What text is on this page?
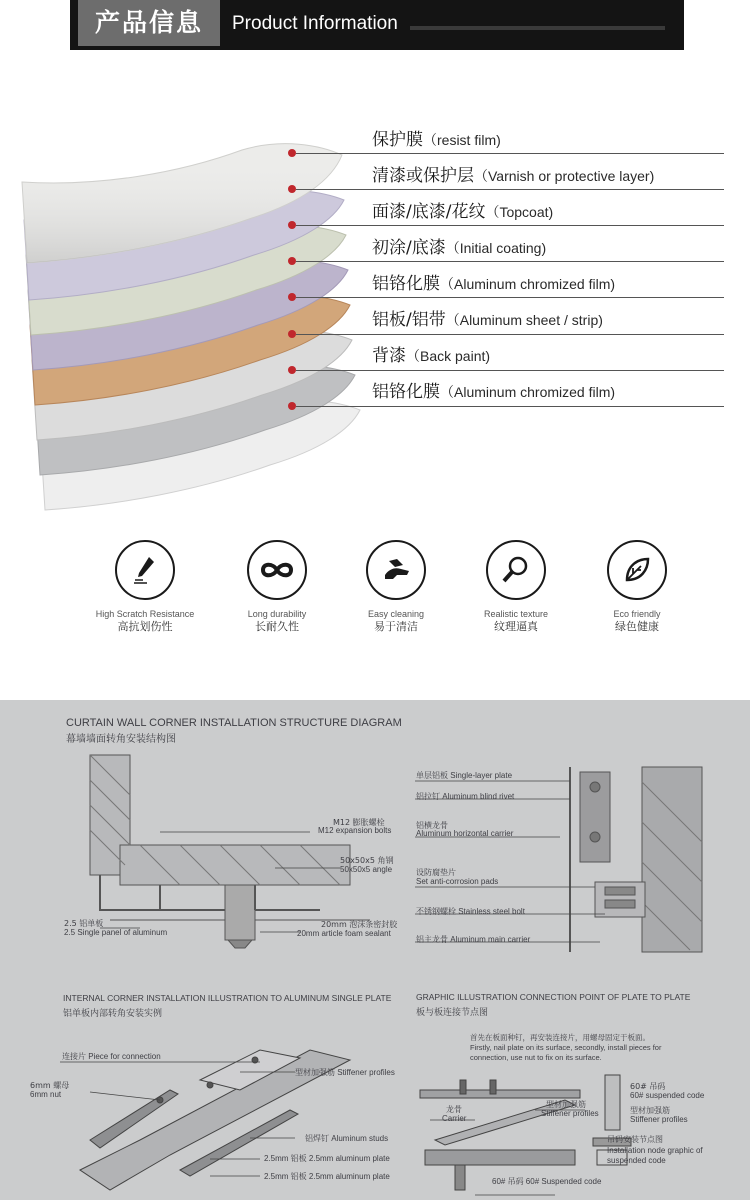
产品信息	Product Information
保护膜（resist film)
清漆或保护层（Varnish or protective layer)
面漆/底漆/花纹（Topcoat)
初涂/底漆（Initial coating)
铝铬化膜（Aluminum chromized film)
铝板/铝带（Aluminum sheet / strip)
背漆（Back paint)
铝铬化膜（Aluminum chromized film)
High Scratch Resistance
高抗划伤性
Long durability
长耐久性
Easy cleaning
易于清洁
Realistic texture
纹理逼真
Eco friendly
绿色健康
CURTAIN WALL CORNER INSTALLATION STRUCTURE DIAGRAM
幕墙墙面转角安装结构图
M12 膨胀螺栓
M12 expansion bolts
50x50x5 角钢
50x50x5 angle
2.5 铝单板
2.5 Single panel of aluminum
20mm 泡沫条密封胶
20mm article foam sealant
单层铝板 Single-layer plate
铝拉钉 Aluminum blind rivet
铝横龙骨
Aluminum horizontal carrier
设防腐垫片
Set anti-corrosion pads
不锈钢螺栓 Stainless steel bolt
铝主龙骨 Aluminum main carrier
INTERNAL CORNER INSTALLATION ILLUSTRATION TO ALUMINUM SINGLE PLATE
铝单板内部转角安装实例
连接片 Piece for connection
6mm 螺母
6mm nut
型材加强筋 Stiffener profiles
铝焊钉 Aluminum studs
2.5mm 铝板 2.5mm aluminum plate
2.5mm 铝板 2.5mm aluminum plate
GRAPHIC ILLUSTRATION CONNECTION POINT OF PLATE TO PLATE
板与板连接节点图
首先在板面种钉，再安装连接片，用螺母固定于板面。
Firstly, nail plate on its surface, secondly, install pieces for
connection, use nut to fix on its surface.
龙骨
Carrier
型材加强筋
Stiffener profiles
60# 吊码
60# suspended code
型材加强筋
Stiffener profiles
吊码安装节点图
Installation node graphic of
suspended code
60# 吊码 60# Suspended code
